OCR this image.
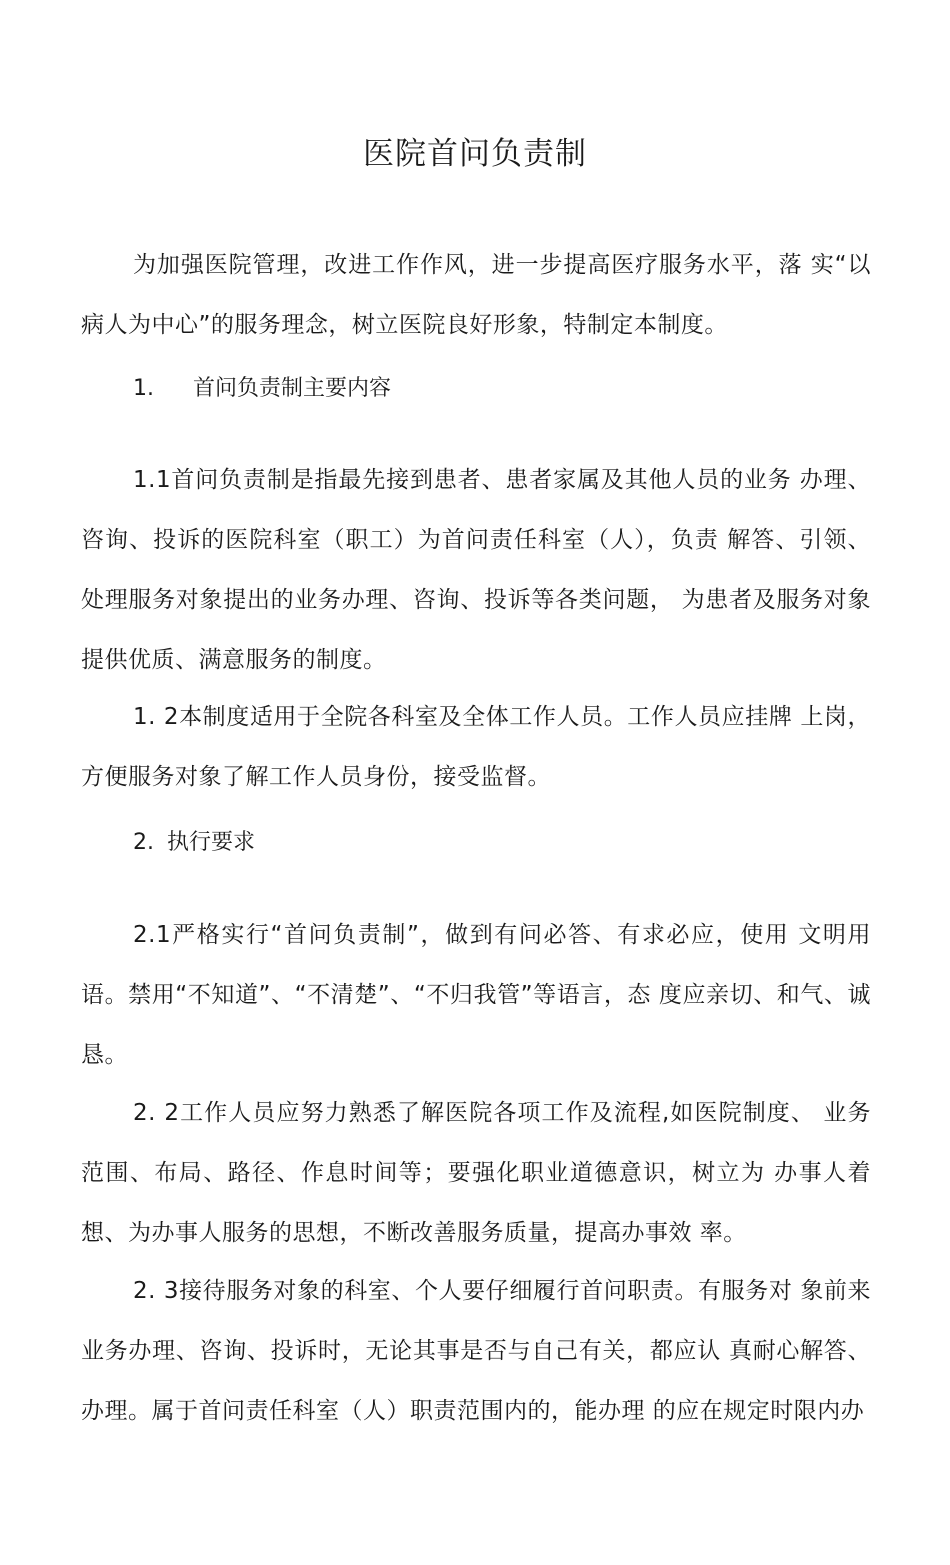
医院首问负责制

为加强医院管理，改进工作作风，进一步提高医疗服务水平，落 实“以病人为中心”的服务理念，树立医院良好形象，特制定本制度。

1. 首问负责制主要内容

1.1首问负责制是指最先接到患者、患者家属及其他人员的业务 办理、咨询、投诉的医院科室（职工）为首问责任科室（人），负责 解答、引领、处理服务对象提出的业务办理、咨询、投诉等各类问题， 为患者及服务对象提供优质、满意服务的制度。

1. 2本制度适用于全院各科室及全体工作人员。工作人员应挂牌 上岗，方便服务对象了解工作人员身份，接受监督。

2. 执行要求

2.1严格实行“首问负责制”，做到有问必答、有求必应，使用 文明用语。禁用“不知道”、“不清楚”、“不归我管”等语言，态 度应亲切、和气、诚恳。

2. 2工作人员应努力熟悉了解医院各项工作及流程,如医院制度、 业务范围、布局、路径、作息时间等；要强化职业道德意识，树立为 办事人着想、为办事人服务的思想，不断改善服务质量，提高办事效 率。

2. 3接待服务对象的科室、个人要仔细履行首问职责。有服务对 象前来业务办理、咨询、投诉时，无论其事是否与自己有关，都应认 真耐心解答、办理。属于首问责任科室（人）职责范围内的，能办理 的应在规定时限内办
